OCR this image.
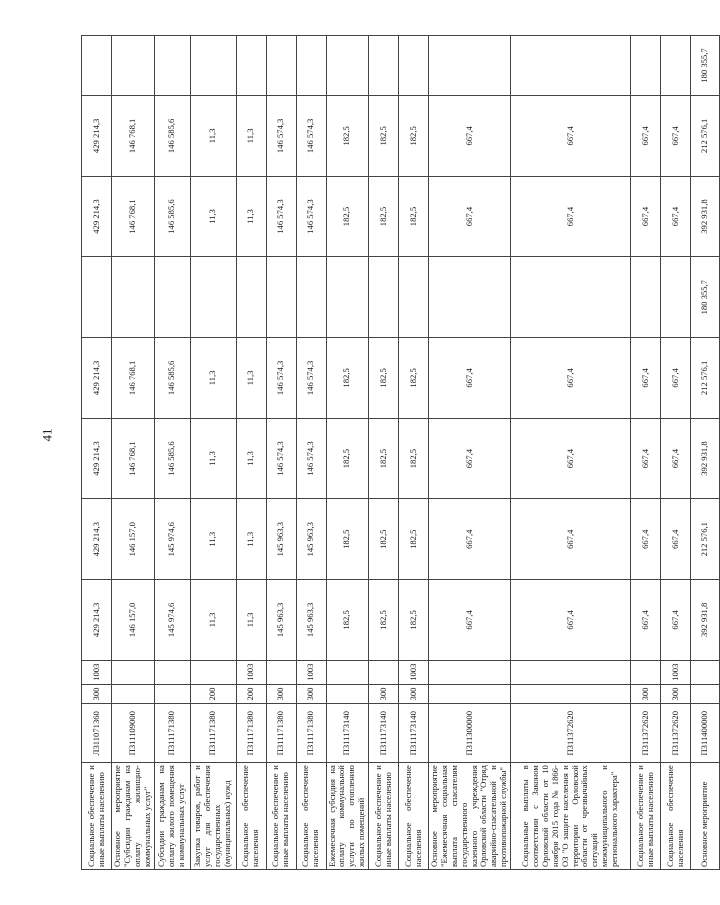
41
Социальное обеспечение и иные выплаты населению	Л311071360	300	1003	429 214,3	429 214,3	429 214,3	429 214,3		429 214,3	429 214,3	
Основное мероприятие "Субсидии гражданам на оплату жилищно-коммунальных услуг"	П311109000			146 157,0	146 157,0	146 768,1	146 768,1		146 768,1	146 768,1	
Субсидии гражданам на оплату жилого помещения и коммунальных услуг	П311171380			145 974,6	145 974,6	146 585,6	146 585,6		146 585,6	146 585,6	
Закупка товаров, работ и услуг для обеспечения государственных (муниципальных) нужд	П311171380	200		11,3	11,3	11,3	11,3		11,3	11,3	
Социальное обеспечение населения	П311171380	200	1003	11,3	11,3	11,3	11,3		11,3	11,3	
Социальное обеспечение и иные выплаты населению	П311171380	300		145 963,3	145 963,3	146 574,3	146 574,3		146 574,3	146 574,3	
Социальное обеспечение населения	П311171380	300	1003	145 963,3	145 963,3	146 574,3	146 574,3		146 574,3	146 574,3	
Ежемесячная субсидия на оплату коммунальной услуги по отоплению жилых помещений	П311173140			182,5	182,5	182,5	182,5		182,5	182,5	
Социальное обеспечение и иные выплаты населению	П311173140	300		182,5	182,5	182,5	182,5		182,5	182,5	
Социальное обеспечение населения	П311173140	300	1003	182,5	182,5	182,5	182,5		182,5	182,5	
Основное мероприятие "Ежемесячная социальная выплата спасателям государственного казенного учреждения Орловской области "Отряд аварийно-спасательной и противопожарной службы"	П311300000			667,4	667,4	667,4	667,4		667,4	667,4	
Социальные выплаты в соответствии с Законом Орловской области от 10 ноября 2015 года № 1866-ОЗ "О защите населения и территории Орловской области от чрезвычайных ситуаций межмуниципального и регионального характера"	П311372620			667,4	667,4	667,4	667,4		667,4	667,4	
Социальное обеспечение и иные выплаты населению	П311372620	300		667,4	667,4	667,4	667,4		667,4	667,4	
Социальное обеспечение населения	П311372620	300	1003	667,4	667,4	667,4	667,4		667,4	667,4	
Основное мероприятие	П311400000			392 931,8	212 576,1	392 931,8	212 576,1	180 355,7	392 931,8	212 576,1	180 355,7
